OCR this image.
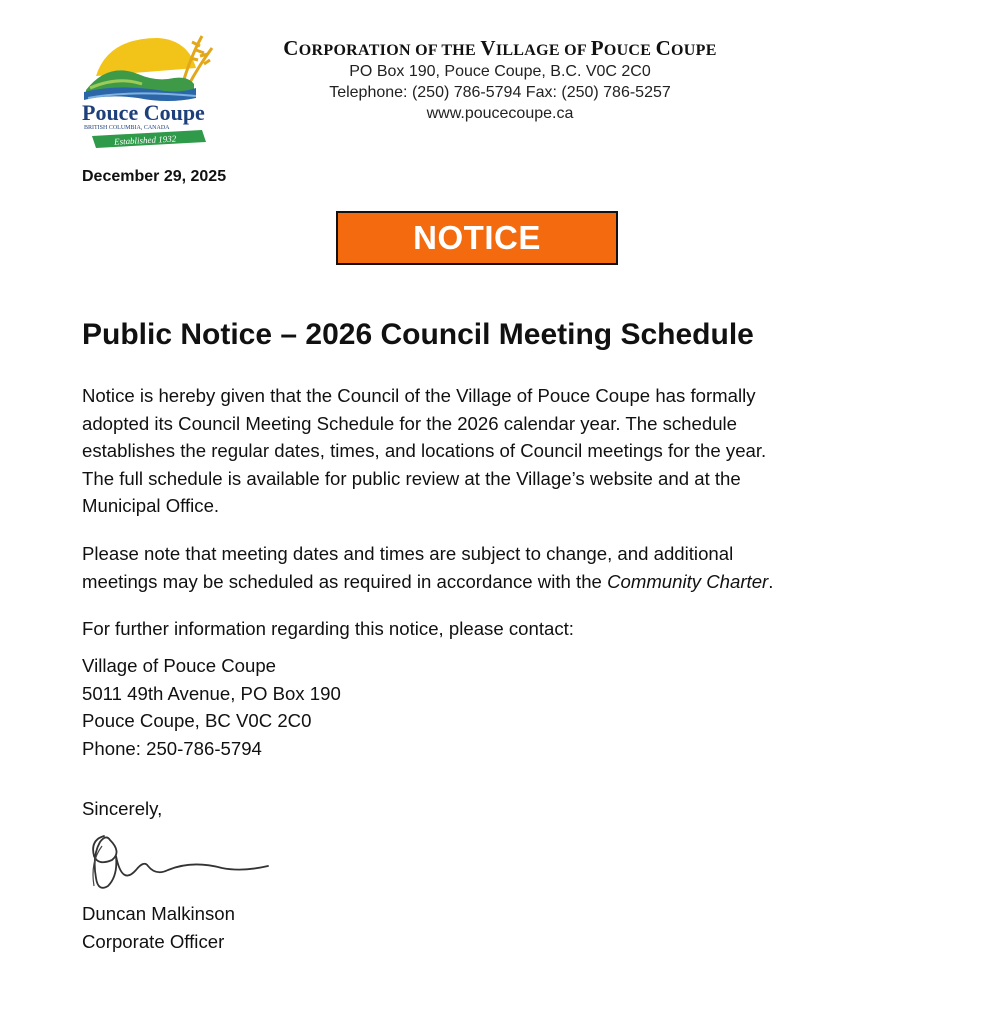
Pouce Coupe
BRITISH COLUMBIA, CANADA
Established 1932
CORPORATION OF THE VILLAGE OF POUCE COUPE
PO Box 190, Pouce Coupe, B.C. V0C 2C0
Telephone: (250) 786-5794 Fax: (250) 786-5257
www.poucecoupe.ca
December 29, 2025
NOTICE
Public Notice – 2026 Council Meeting Schedule
Notice is hereby given that the Council of the Village of Pouce Coupe has formally
adopted its Council Meeting Schedule for the 2026 calendar year. The schedule
establishes the regular dates, times, and locations of Council meetings for the year.
The full schedule is available for public review at the Village’s website and at the
Municipal Office.
Please note that meeting dates and times are subject to change, and additional
meetings may be scheduled as required in accordance with the Community Charter.
For further information regarding this notice, please contact:
Village of Pouce Coupe
5011 49th Avenue, PO Box 190
Pouce Coupe, BC V0C 2C0
Phone: 250-786-5794
Sincerely,
Duncan Malkinson
Corporate Officer
